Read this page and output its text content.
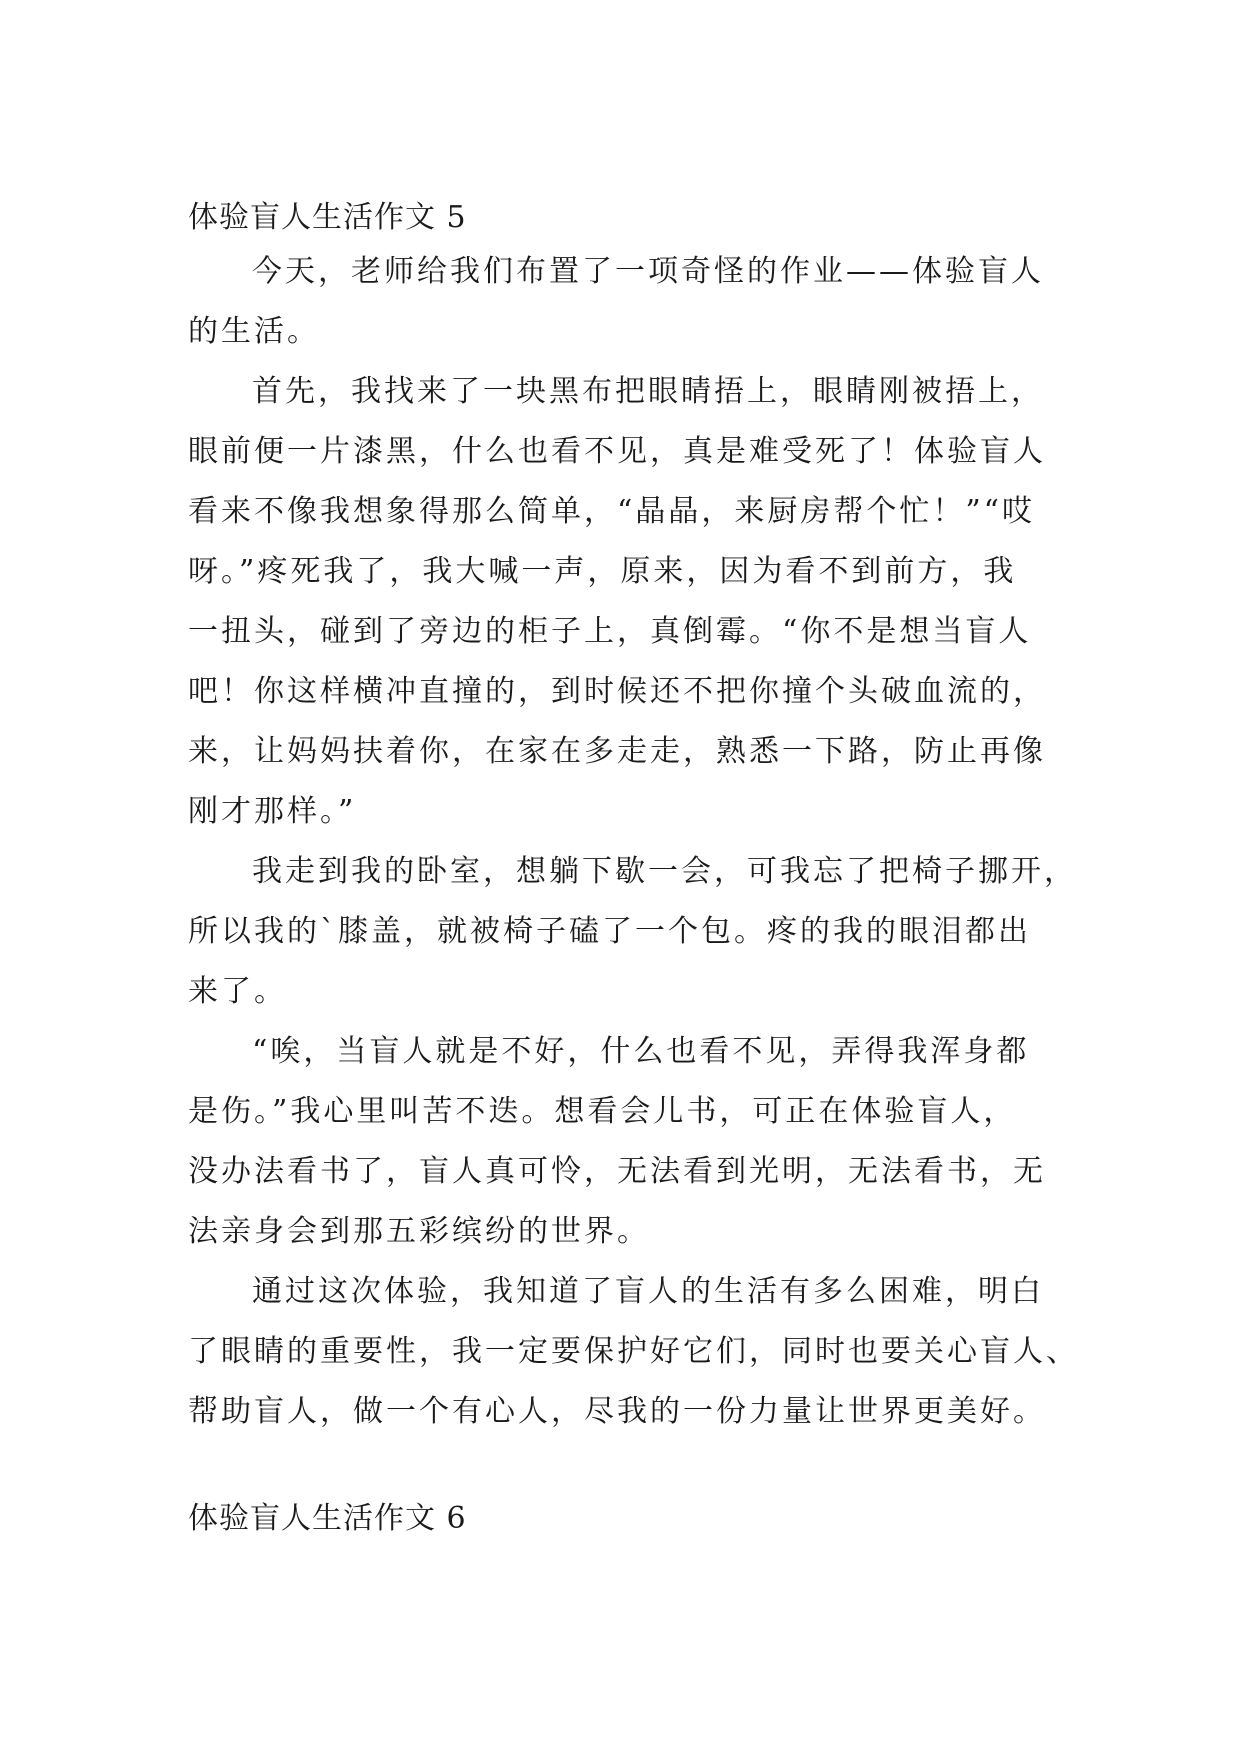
体验盲人生活作文 5

今天，老师给我们布置了一项奇怪的作业——体验盲人
的生活。

首先，我找来了一块黑布把眼睛捂上，眼睛刚被捂上，
眼前便一片漆黑，什么也看不见，真是难受死了！体验盲人
看来不像我想象得那么简单，“晶晶，来厨房帮个忙！”“哎
呀。”疼死我了，我大喊一声，原来，因为看不到前方，我
一扭头，碰到了旁边的柜子上，真倒霉。“你不是想当盲人
吧！你这样横冲直撞的，到时候还不把你撞个头破血流的，
来，让妈妈扶着你，在家在多走走，熟悉一下路，防止再像
刚才那样。”

我走到我的卧室，想躺下歇一会，可我忘了把椅子挪开，
所以我的`膝盖，就被椅子磕了一个包。疼的我的眼泪都出
来了。

“唉，当盲人就是不好，什么也看不见，弄得我浑身都
是伤。”我心里叫苦不迭。想看会儿书，可正在体验盲人，
没办法看书了，盲人真可怜，无法看到光明，无法看书，无
法亲身会到那五彩缤纷的世界。

通过这次体验，我知道了盲人的生活有多么困难，明白
了眼睛的重要性，我一定要保护好它们，同时也要关心盲人、
帮助盲人，做一个有心人，尽我的一份力量让世界更美好。

体验盲人生活作文 6
